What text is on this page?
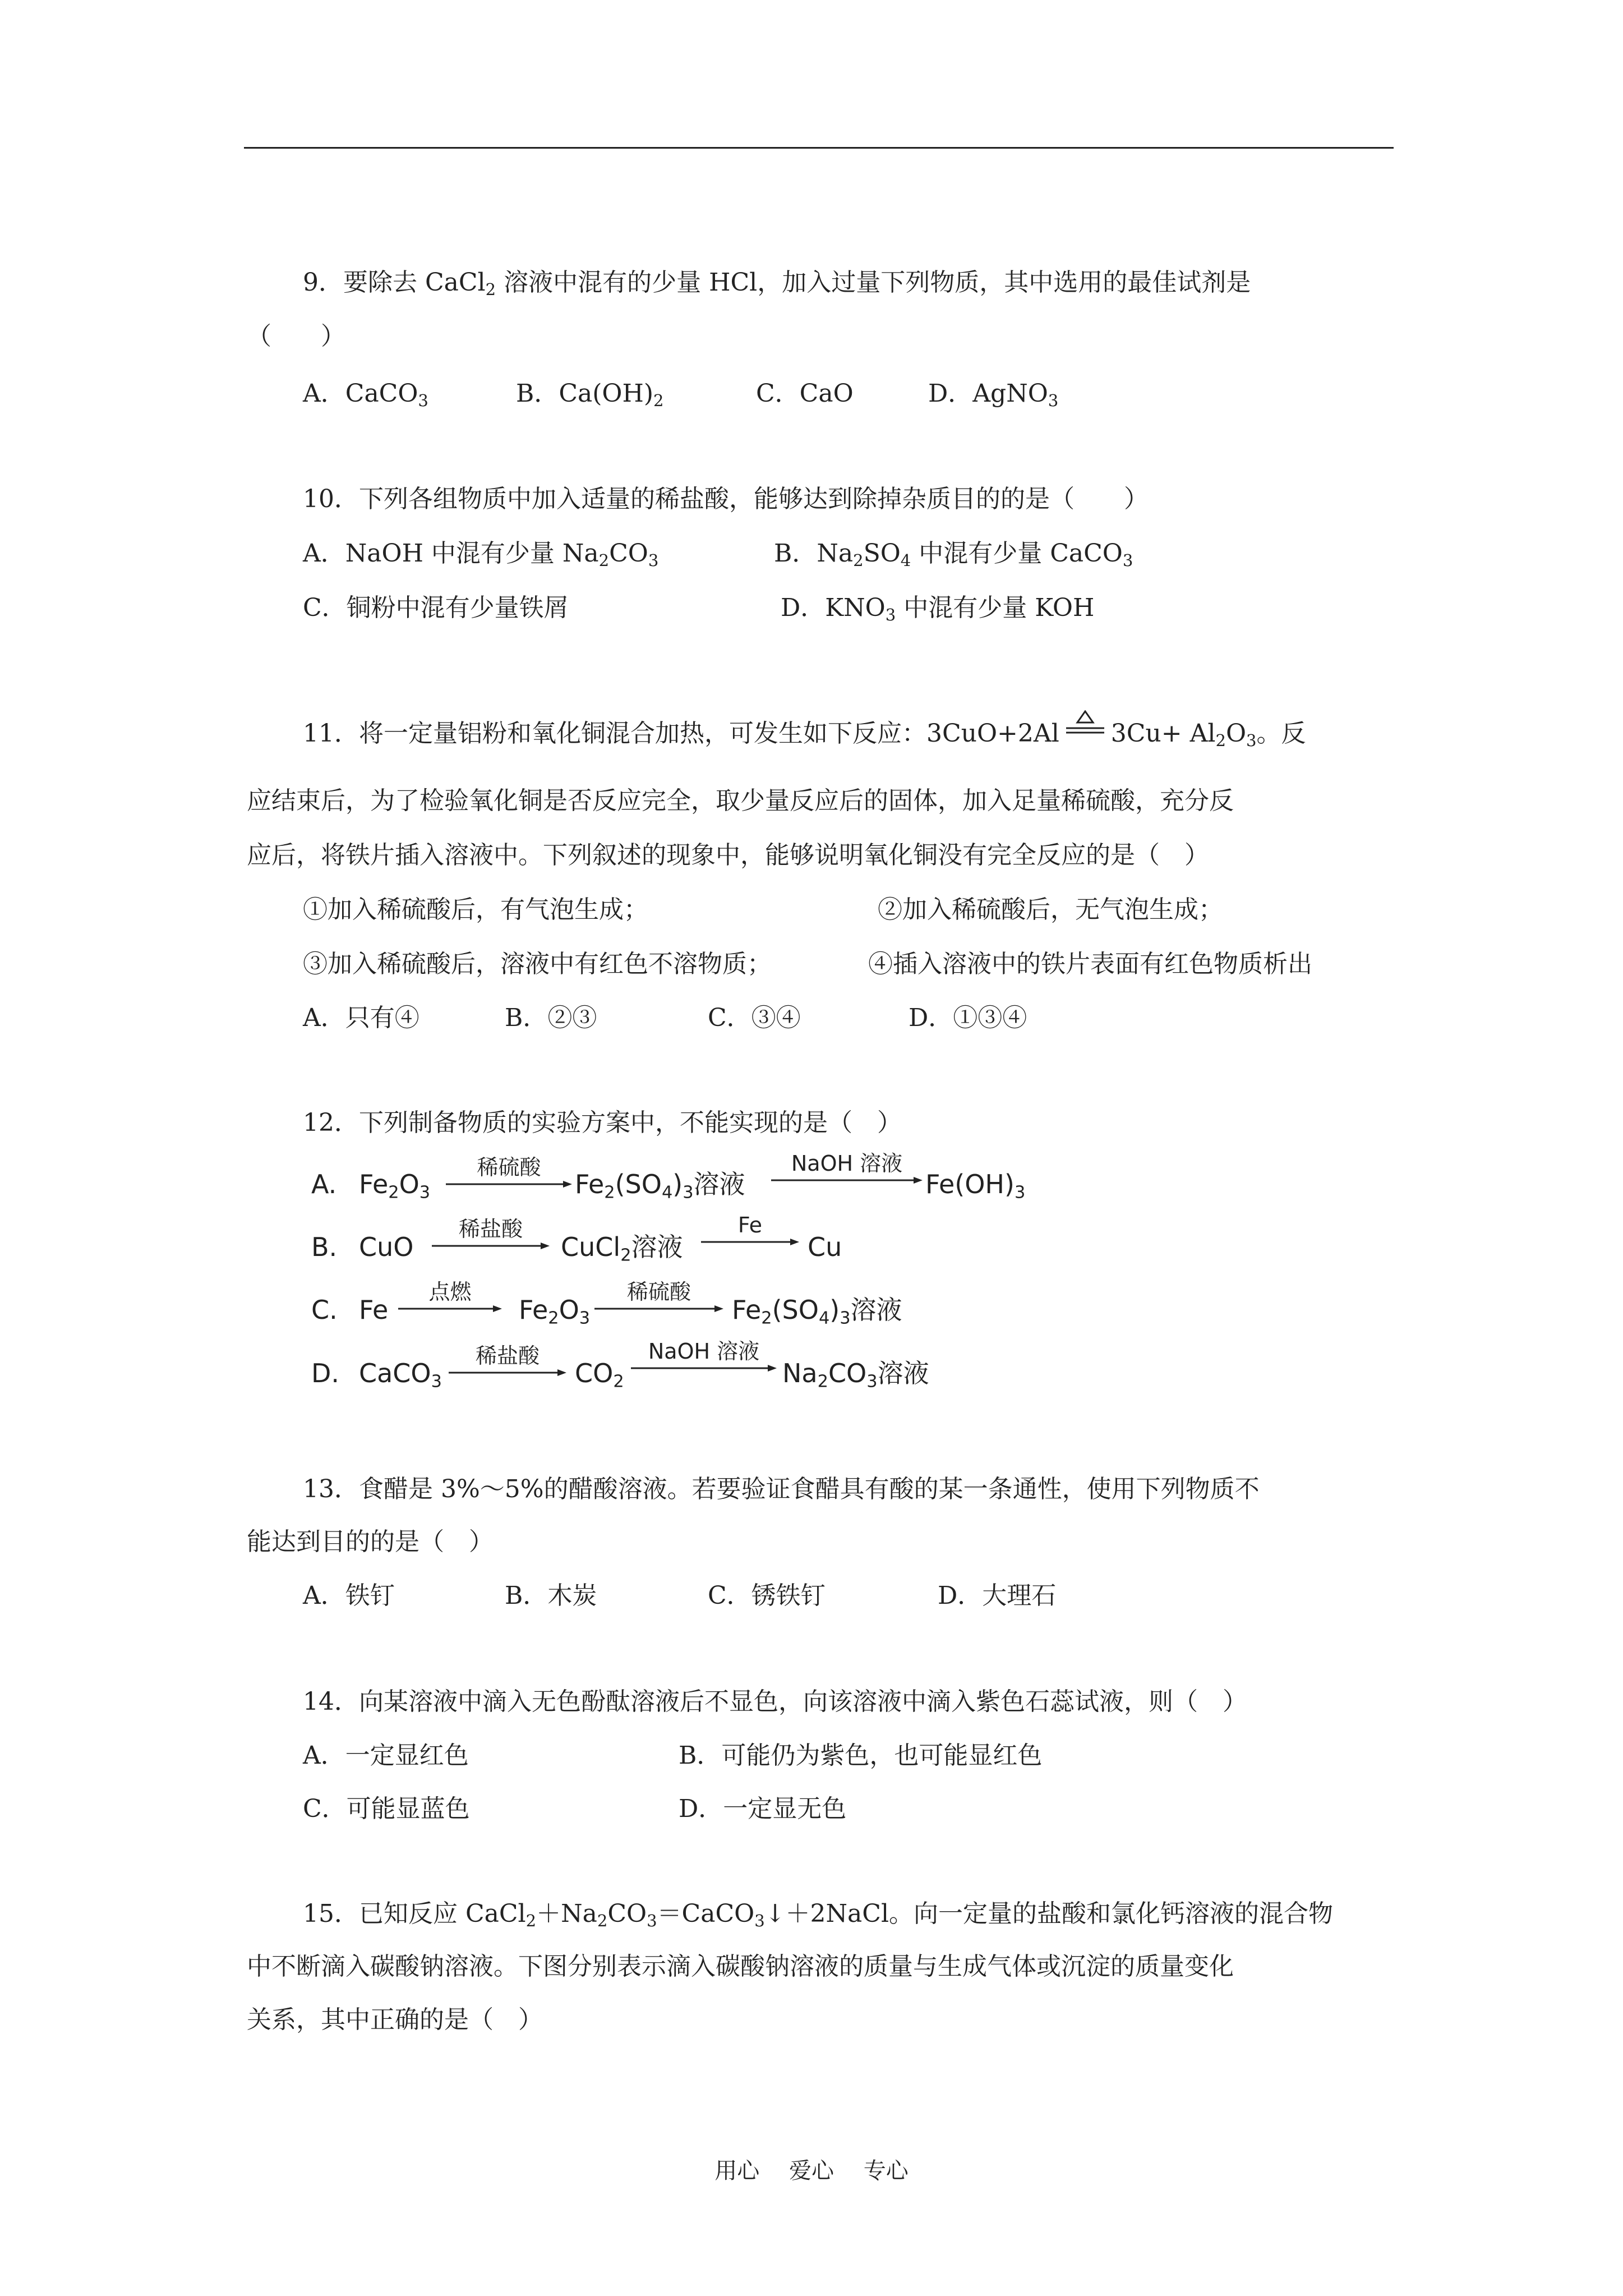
9．要除去 CaCl$_2$ 溶液中混有的少量 HCl，加入过量下列物质，其中选用的最佳试剂是
（　　）
A．CaCO$_3$	B．$Ca(OH)_2$	C．CaO	D．AgNO$_3$
10．下列各组物质中加入适量的稀盐酸，能够达到除掉杂质目的的是（　　）
A．NaOH 中混有少量 $Na_2CO_3$	B．$Na_2SO_4$ 中混有少量 CaCO$_3$
C．铜粉中混有少量铁屑	D．$KNO_3$ 中混有少量 KOH
11．将一定量铝粉和氧化铜混合加热，可发生如下反应：3CuO+2Al $3Cu+ Al_2O_3$。反
应结束后，为了检验氧化铜是否反应完全，取少量反应后的固体，加入足量稀硫酸，充分反
应后，将铁片插入溶液中。下列叙述的现象中，能够说明氧化铜没有完全反应的是（　）
①加入稀硫酸后，有气泡生成；	②加入稀硫酸后，无气泡生成；
③加入稀硫酸后，溶液中有红色不溶物质；	④插入溶液中的铁片表面有红色物质析出
A．只有④	B．②③	C．③④	D．①③④
12．下列制备物质的实验方案中，不能实现的是（　）
A. $Fe_2O_3$
稀硫酸
$Fe_2(SO_4)_3$溶液
NaOH 溶液
$Fe(OH)_3$
B. CuO
稀盐酸
CuCl$_2$溶液
Fe
Cu
C. Fe
点燃
$Fe_2O_3$
稀硫酸
$Fe_2(SO_4)_3$溶液
D. CaCO$_3$
稀盐酸
$CO_2$
NaOH 溶液
$Na_2CO_3$溶液
13．食醋是 3%～5%的醋酸溶液。若要验证食醋具有酸的某一条通性，使用下列物质不
能达到目的的是（　）
A．铁钉	B．木炭	C．锈铁钉	D．大理石
14．向某溶液中滴入无色酚酞溶液后不显色，向该溶液中滴入紫色石蕊试液，则（　）
A．一定显红色	B．可能仍为紫色，也可能显红色
C．可能显蓝色	D．一定显无色
15．已知反应 $CaCl_2+Na_2CO_3=CaCO_3↓+2NaCl$。向一定量的盐酸和氯化钙溶液的混合物
中不断滴入碳酸钠溶液。下图分别表示滴入碳酸钠溶液的质量与生成气体或沉淀的质量变化
关系，其中正确的是（　）
用心　 爱心　 专心
